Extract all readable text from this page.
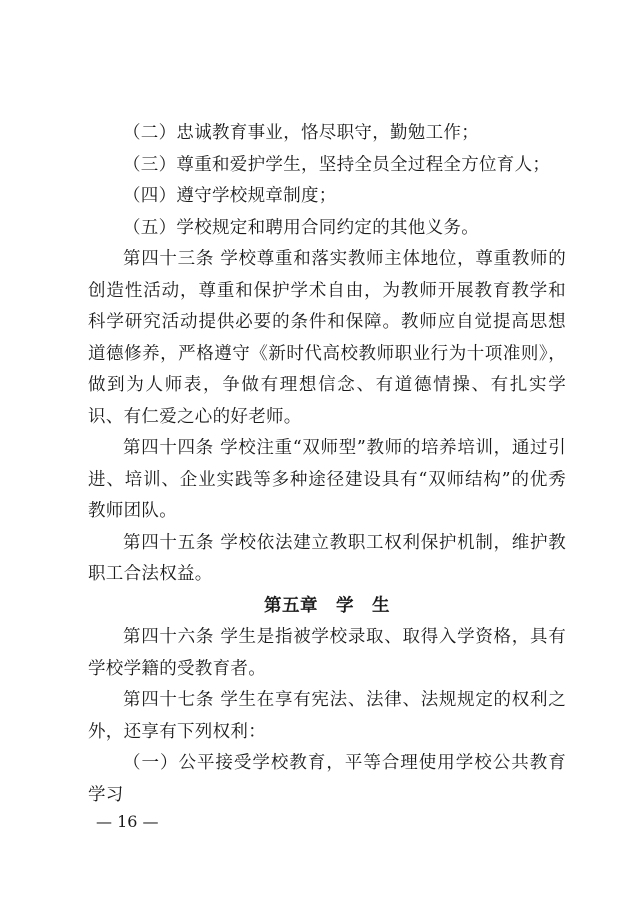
（二）忠诚教育事业，恪尽职守，勤勉工作；

（三）尊重和爱护学生，坚持全员全过程全方位育人；

（四）遵守学校规章制度；

（五）学校规定和聘用合同约定的其他义务。

第四十三条 学校尊重和落实教师主体地位，尊重教师的创造性活动，尊重和保护学术自由，为教师开展教育教学和科学研究活动提供必要的条件和保障。教师应自觉提高思想道德修养，严格遵守《新时代高校教师职业行为十项准则》，做到为人师表，争做有理想信念、有道德情操、有扎实学识、有仁爱之心的好老师。

第四十四条 学校注重“双师型”教师的培养培训，通过引进、培训、企业实践等多种途径建设具有“双师结构”的优秀教师团队。

第四十五条 学校依法建立教职工权利保护机制，维护教职工合法权益。

第五章　学　生

第四十六条 学生是指被学校录取、取得入学资格，具有学校学籍的受教育者。

第四十七条 学生在享有宪法、法律、法规规定的权利之外，还享有下列权利：

（一）公平接受学校教育，平等合理使用学校公共教育学习

— 16 —
